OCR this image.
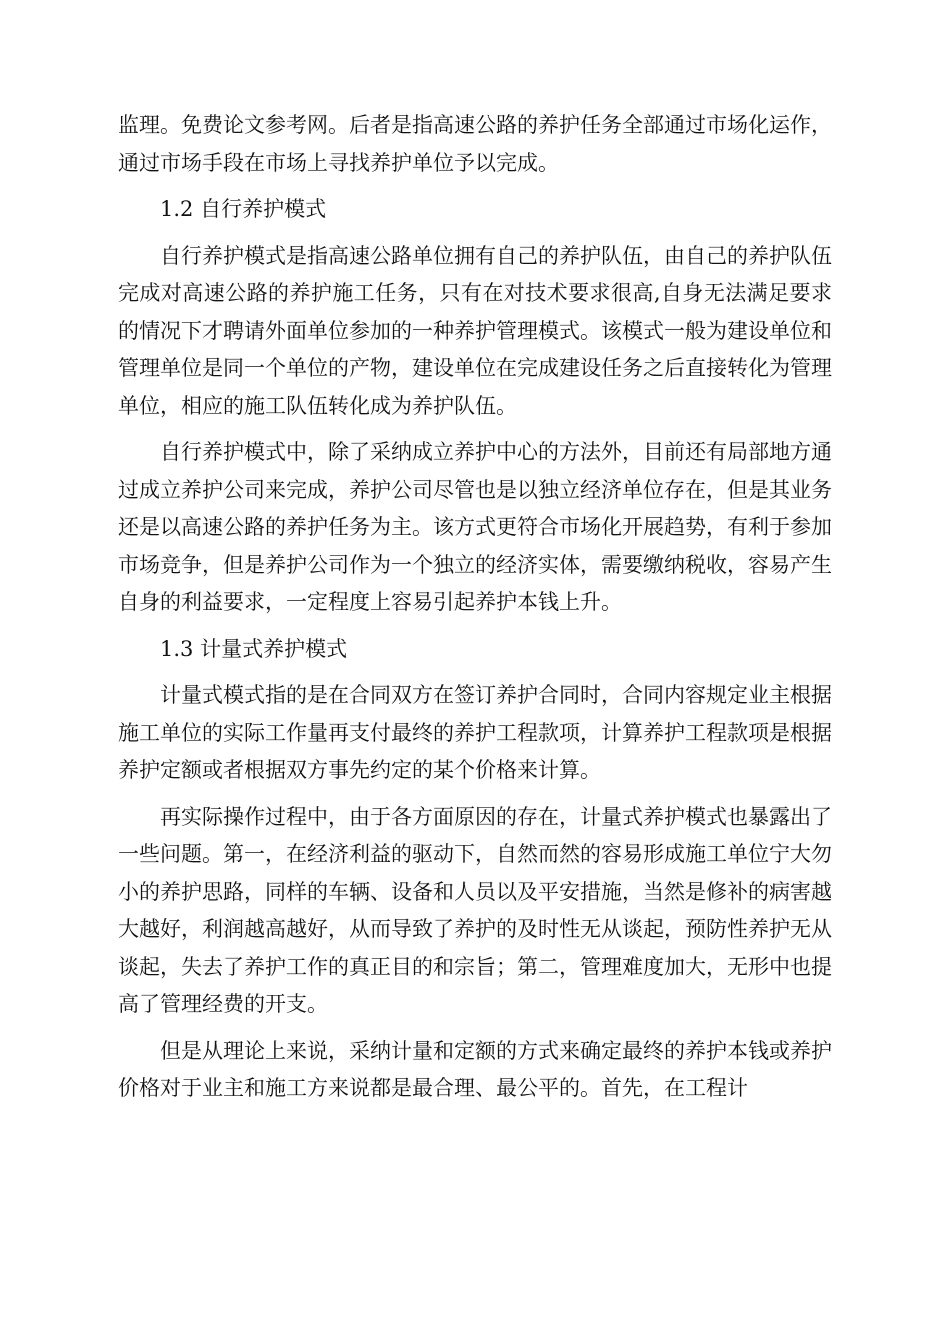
监理。免费论文参考网。后者是指高速公路的养护任务全部通过市场化运作，通过市场手段在市场上寻找养护单位予以完成。

1.2 自行养护模式

自行养护模式是指高速公路单位拥有自己的养护队伍，由自己的养护队伍完成对高速公路的养护施工任务，只有在对技术要求很高,自身无法满足要求的情况下才聘请外面单位参加的一种养护管理模式。该模式一般为建设单位和管理单位是同一个单位的产物，建设单位在完成建设任务之后直接转化为管理单位，相应的施工队伍转化成为养护队伍。

自行养护模式中，除了采纳成立养护中心的方法外，目前还有局部地方通过成立养护公司来完成，养护公司尽管也是以独立经济单位存在，但是其业务还是以高速公路的养护任务为主。该方式更符合市场化开展趋势，有利于参加市场竞争，但是养护公司作为一个独立的经济实体，需要缴纳税收，容易产生自身的利益要求，一定程度上容易引起养护本钱上升。

1.3 计量式养护模式

计量式模式指的是在合同双方在签订养护合同时，合同内容规定业主根据施工单位的实际工作量再支付最终的养护工程款项，计算养护工程款项是根据养护定额或者根据双方事先约定的某个价格来计算。

再实际操作过程中，由于各方面原因的存在，计量式养护模式也暴露出了一些问题。第一，在经济利益的驱动下，自然而然的容易形成施工单位宁大勿小的养护思路，同样的车辆、设备和人员以及平安措施，当然是修补的病害越大越好，利润越高越好，从而导致了养护的及时性无从谈起，预防性养护无从谈起，失去了养护工作的真正目的和宗旨；第二，管理难度加大，无形中也提高了管理经费的开支。

但是从理论上来说，采纳计量和定额的方式来确定最终的养护本钱或养护价格对于业主和施工方来说都是最合理、最公平的。首先，在工程计
